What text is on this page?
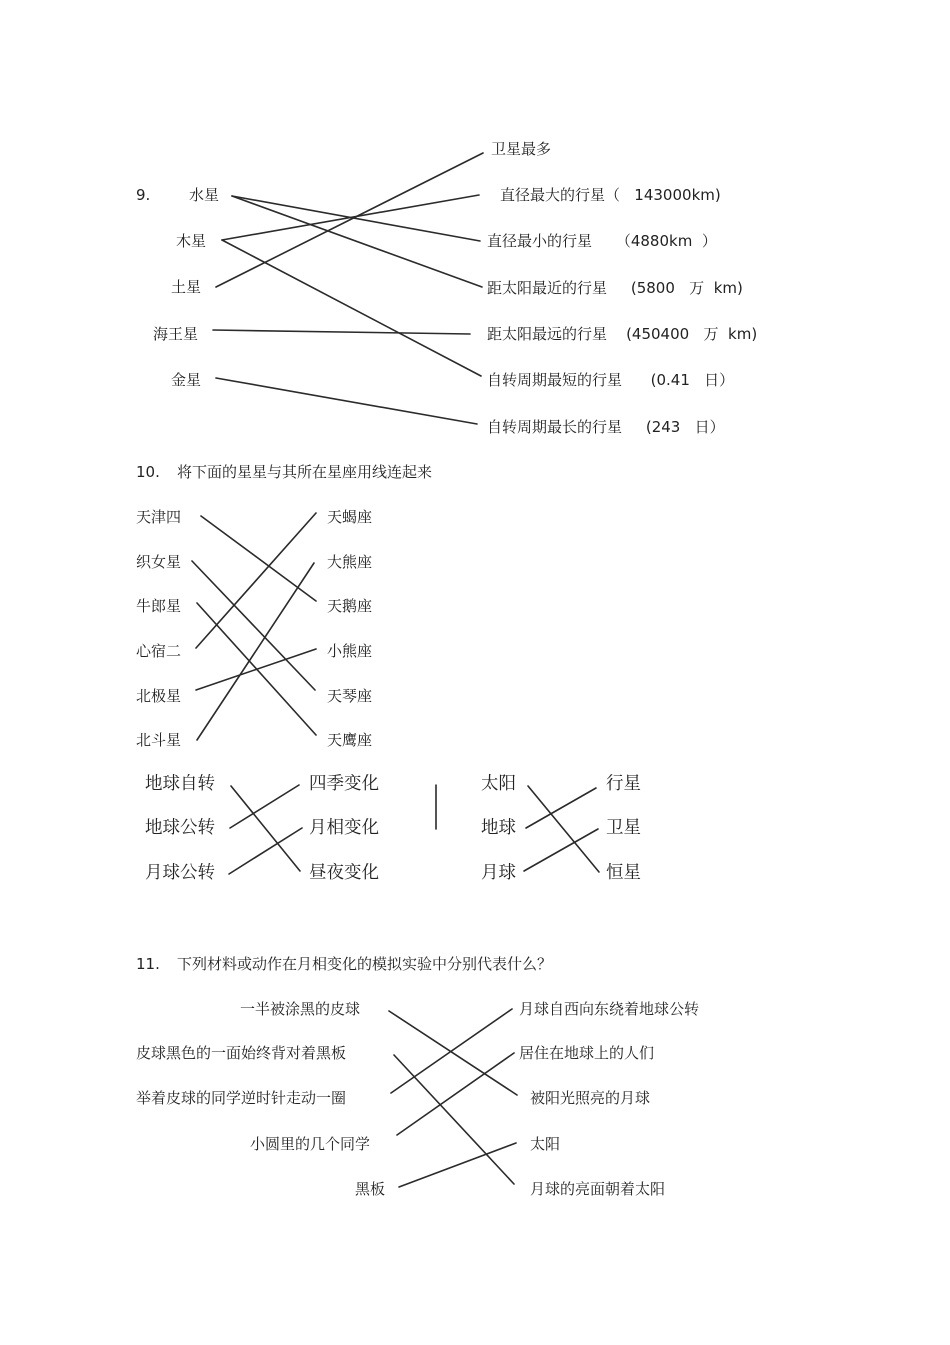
9.	水星
木星
土星
海王星
金星
卫星最多
直径最大的行星（   143000km)
直径最小的行星     （4880km  ）
距太阳最近的行星     (5800   万  km)
距太阳最远的行星    (450400   万  km)
自转周期最短的行星      (0.41   日）
自转周期最长的行星     (243   日）
10. 将下面的星星与其所在星座用线连起来
天津四
织女星
牛郎星
心宿二
北极星
北斗星
天蝎座
大熊座
天鹅座
小熊座
天琴座
天鹰座
地球自转
地球公转
月球公转
四季变化
月相变化
昼夜变化
太阳
地球
月球
行星
卫星
恒星
11. 下列材料或动作在月相变化的模拟实验中分别代表什么？
一半被涂黑的皮球
皮球黑色的一面始终背对着黑板
举着皮球的同学逆时针走动一圈
小圆里的几个同学
黑板
月球自西向东绕着地球公转
居住在地球上的人们
被阳光照亮的月球
太阳
月球的亮面朝着太阳
